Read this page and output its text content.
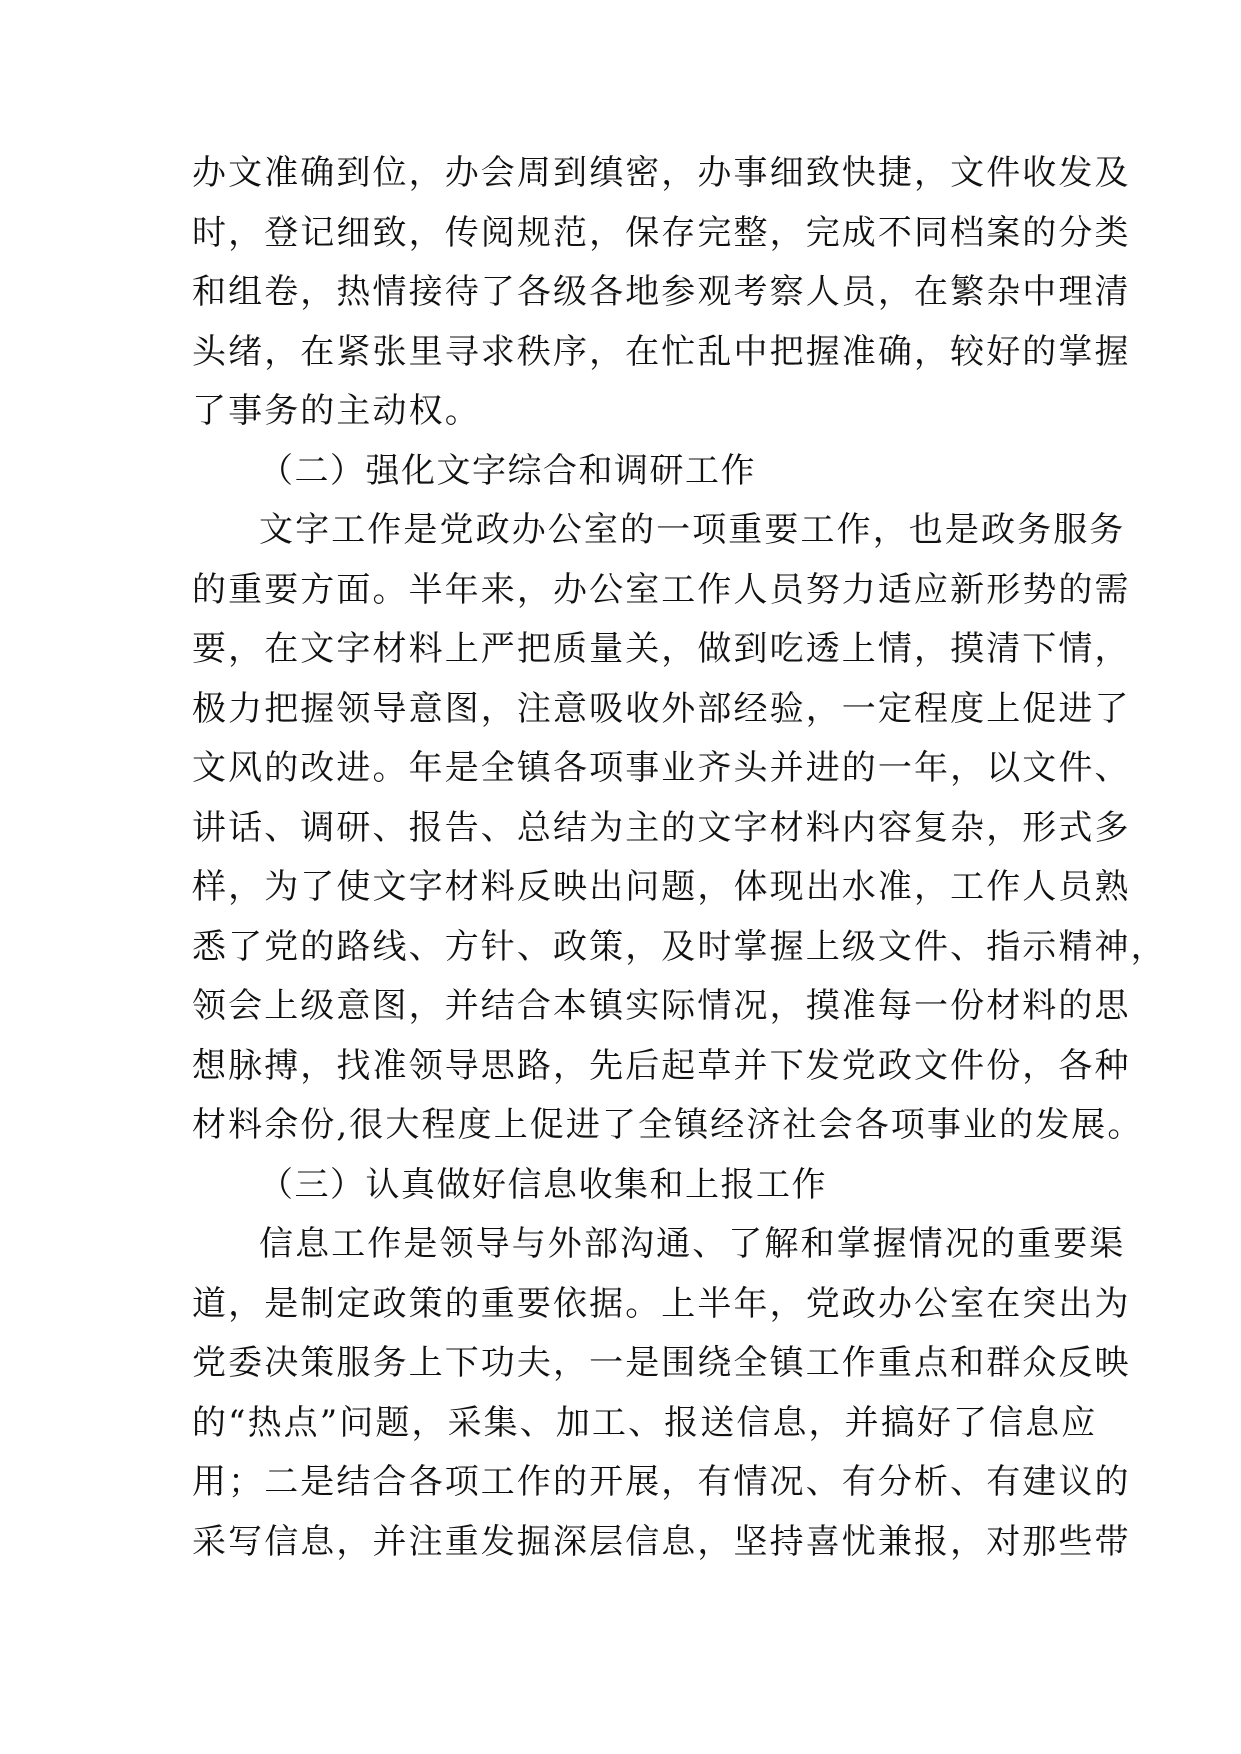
办文准确到位，办会周到缜密，办事细致快捷，文件收发及
时，登记细致，传阅规范，保存完整，完成不同档案的分类
和组卷，热情接待了各级各地参观考察人员，在繁杂中理清
头绪，在紧张里寻求秩序，在忙乱中把握准确，较好的掌握
了事务的主动权。
（二）强化文字综合和调研工作
文字工作是党政办公室的一项重要工作，也是政务服务
的重要方面。半年来，办公室工作人员努力适应新形势的需
要，在文字材料上严把质量关，做到吃透上情，摸清下情，
极力把握领导意图，注意吸收外部经验，一定程度上促进了
文风的改进。年是全镇各项事业齐头并进的一年，以文件、
讲话、调研、报告、总结为主的文字材料内容复杂，形式多
样，为了使文字材料反映出问题，体现出水准，工作人员熟
悉了党的路线、方针、政策，及时掌握上级文件、指示精神，
领会上级意图，并结合本镇实际情况，摸准每一份材料的思
想脉搏，找准领导思路，先后起草并下发党政文件份，各种
材料余份,很大程度上促进了全镇经济社会各项事业的发展。
（三）认真做好信息收集和上报工作
信息工作是领导与外部沟通、了解和掌握情况的重要渠
道，是制定政策的重要依据。上半年，党政办公室在突出为
党委决策服务上下功夫，一是围绕全镇工作重点和群众反映
的“热点”问题，采集、加工、报送信息，并搞好了信息应
用；二是结合各项工作的开展，有情况、有分析、有建议的
采写信息，并注重发掘深层信息，坚持喜忧兼报，对那些带
